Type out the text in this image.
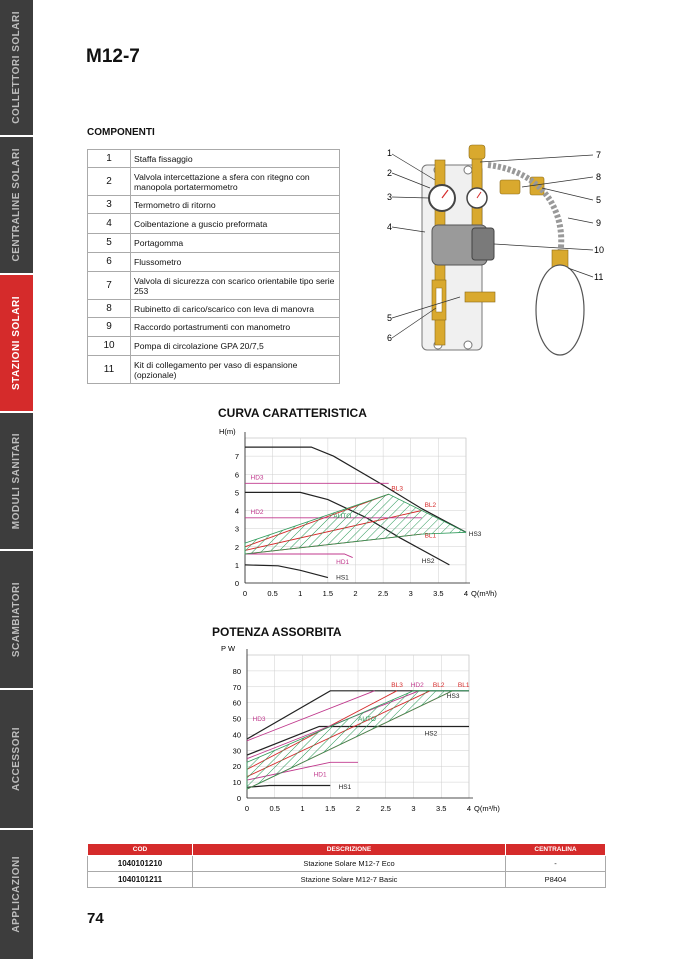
COLLETTORI SOLARI
CENTRALINE SOLARI
STAZIONI SOLARI
MODULI SANITARI
SCAMBIATORI
ACCESSORI
APPLICAZIONI
M12-7
COMPONENTI
1	Staffa fissaggio
2	Valvola intercettazione a sfera con ritegno con manopola portatermometro
3	Termometro di ritorno
4	Coibentazione a guscio preformata
5	Portagomma
6	Flussometro
7	Valvola di sicurezza con scarico orientabile tipo serie 253
8	Rubinetto di carico/scarico con leva di manovra
9	Raccordo portastrumenti con manometro
10	Pompa di circolazione GPA 20/7,5
11	Kit di collegamento per vaso di espansione (opzionale)
1
2
3
4
5
6
7
8
5
9
10
11
CURVA CARATTERISTICA
0	0.5	1	1.5	2	2.5	3	3.5	4
0
1
2
3
4
5
6
7
H(m)
Q(m³/h)
HS3
HS2
HS1
BL3
BL2
BL1
HD3
HD2
HD1
AUTO
POTENZA ASSORBITA
0	0.5	1	1.5	2	2.5	3	3.5	4
0
10
20
30
40
50
60
70
80
P W
Q(m³/h)
HS3
HS2
HS1
BL3 HD2 BL2 BL1
HD3
HD1
AUTO
COD	DESCRIZIONE	CENTRALINA
1040101210	Stazione Solare M12-7 Eco	-
1040101211	Stazione Solare M12-7 Basic	P8404
74
